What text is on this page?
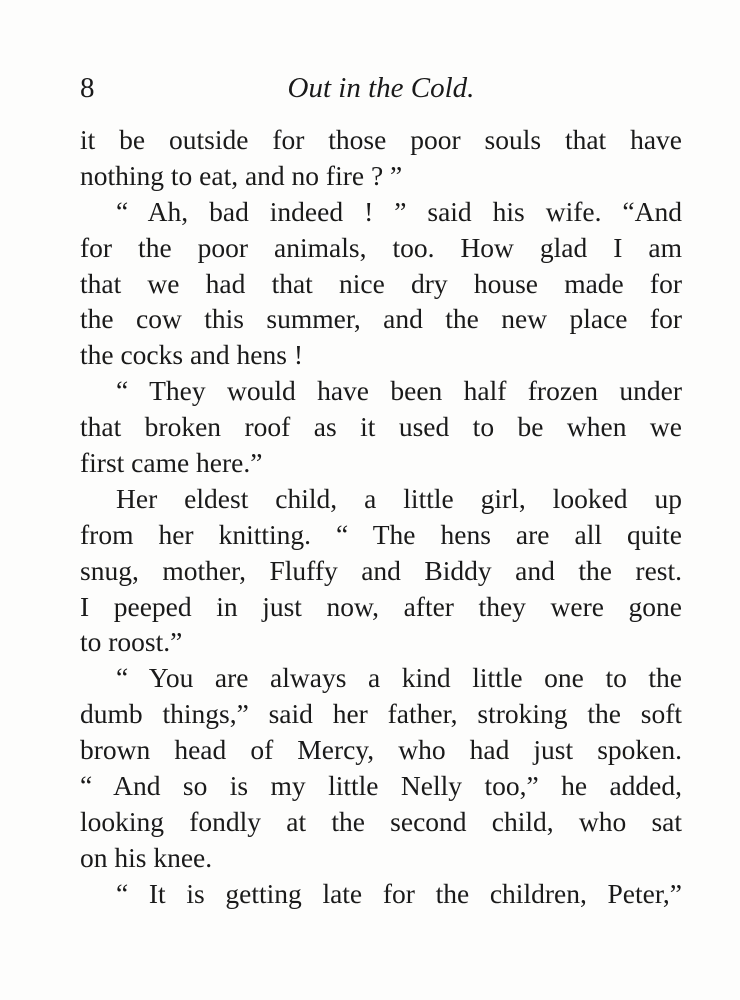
8	Out in the Cold.
it be outside for those poor souls that have
nothing to eat, and no fire ? ”
“ Ah, bad indeed ! ” said his wife. “And
for the poor animals, too. How glad I am
that we had that nice dry house made for
the cow this summer, and the new place for
the cocks and hens !
“ They would have been half frozen under
that broken roof as it used to be when we
first came here.”
Her eldest child, a little girl, looked up
from her knitting. “ The hens are all quite
snug, mother, Fluffy and Biddy and the rest.
I peeped in just now, after they were gone
to roost.”
“ You are always a kind little one to the
dumb things,” said her father, stroking the soft
brown head of Mercy, who had just spoken.
“ And so is my little Nelly too,” he added,
looking fondly at the second child, who sat
on his knee.
“ It is getting late for the children, Peter,”
